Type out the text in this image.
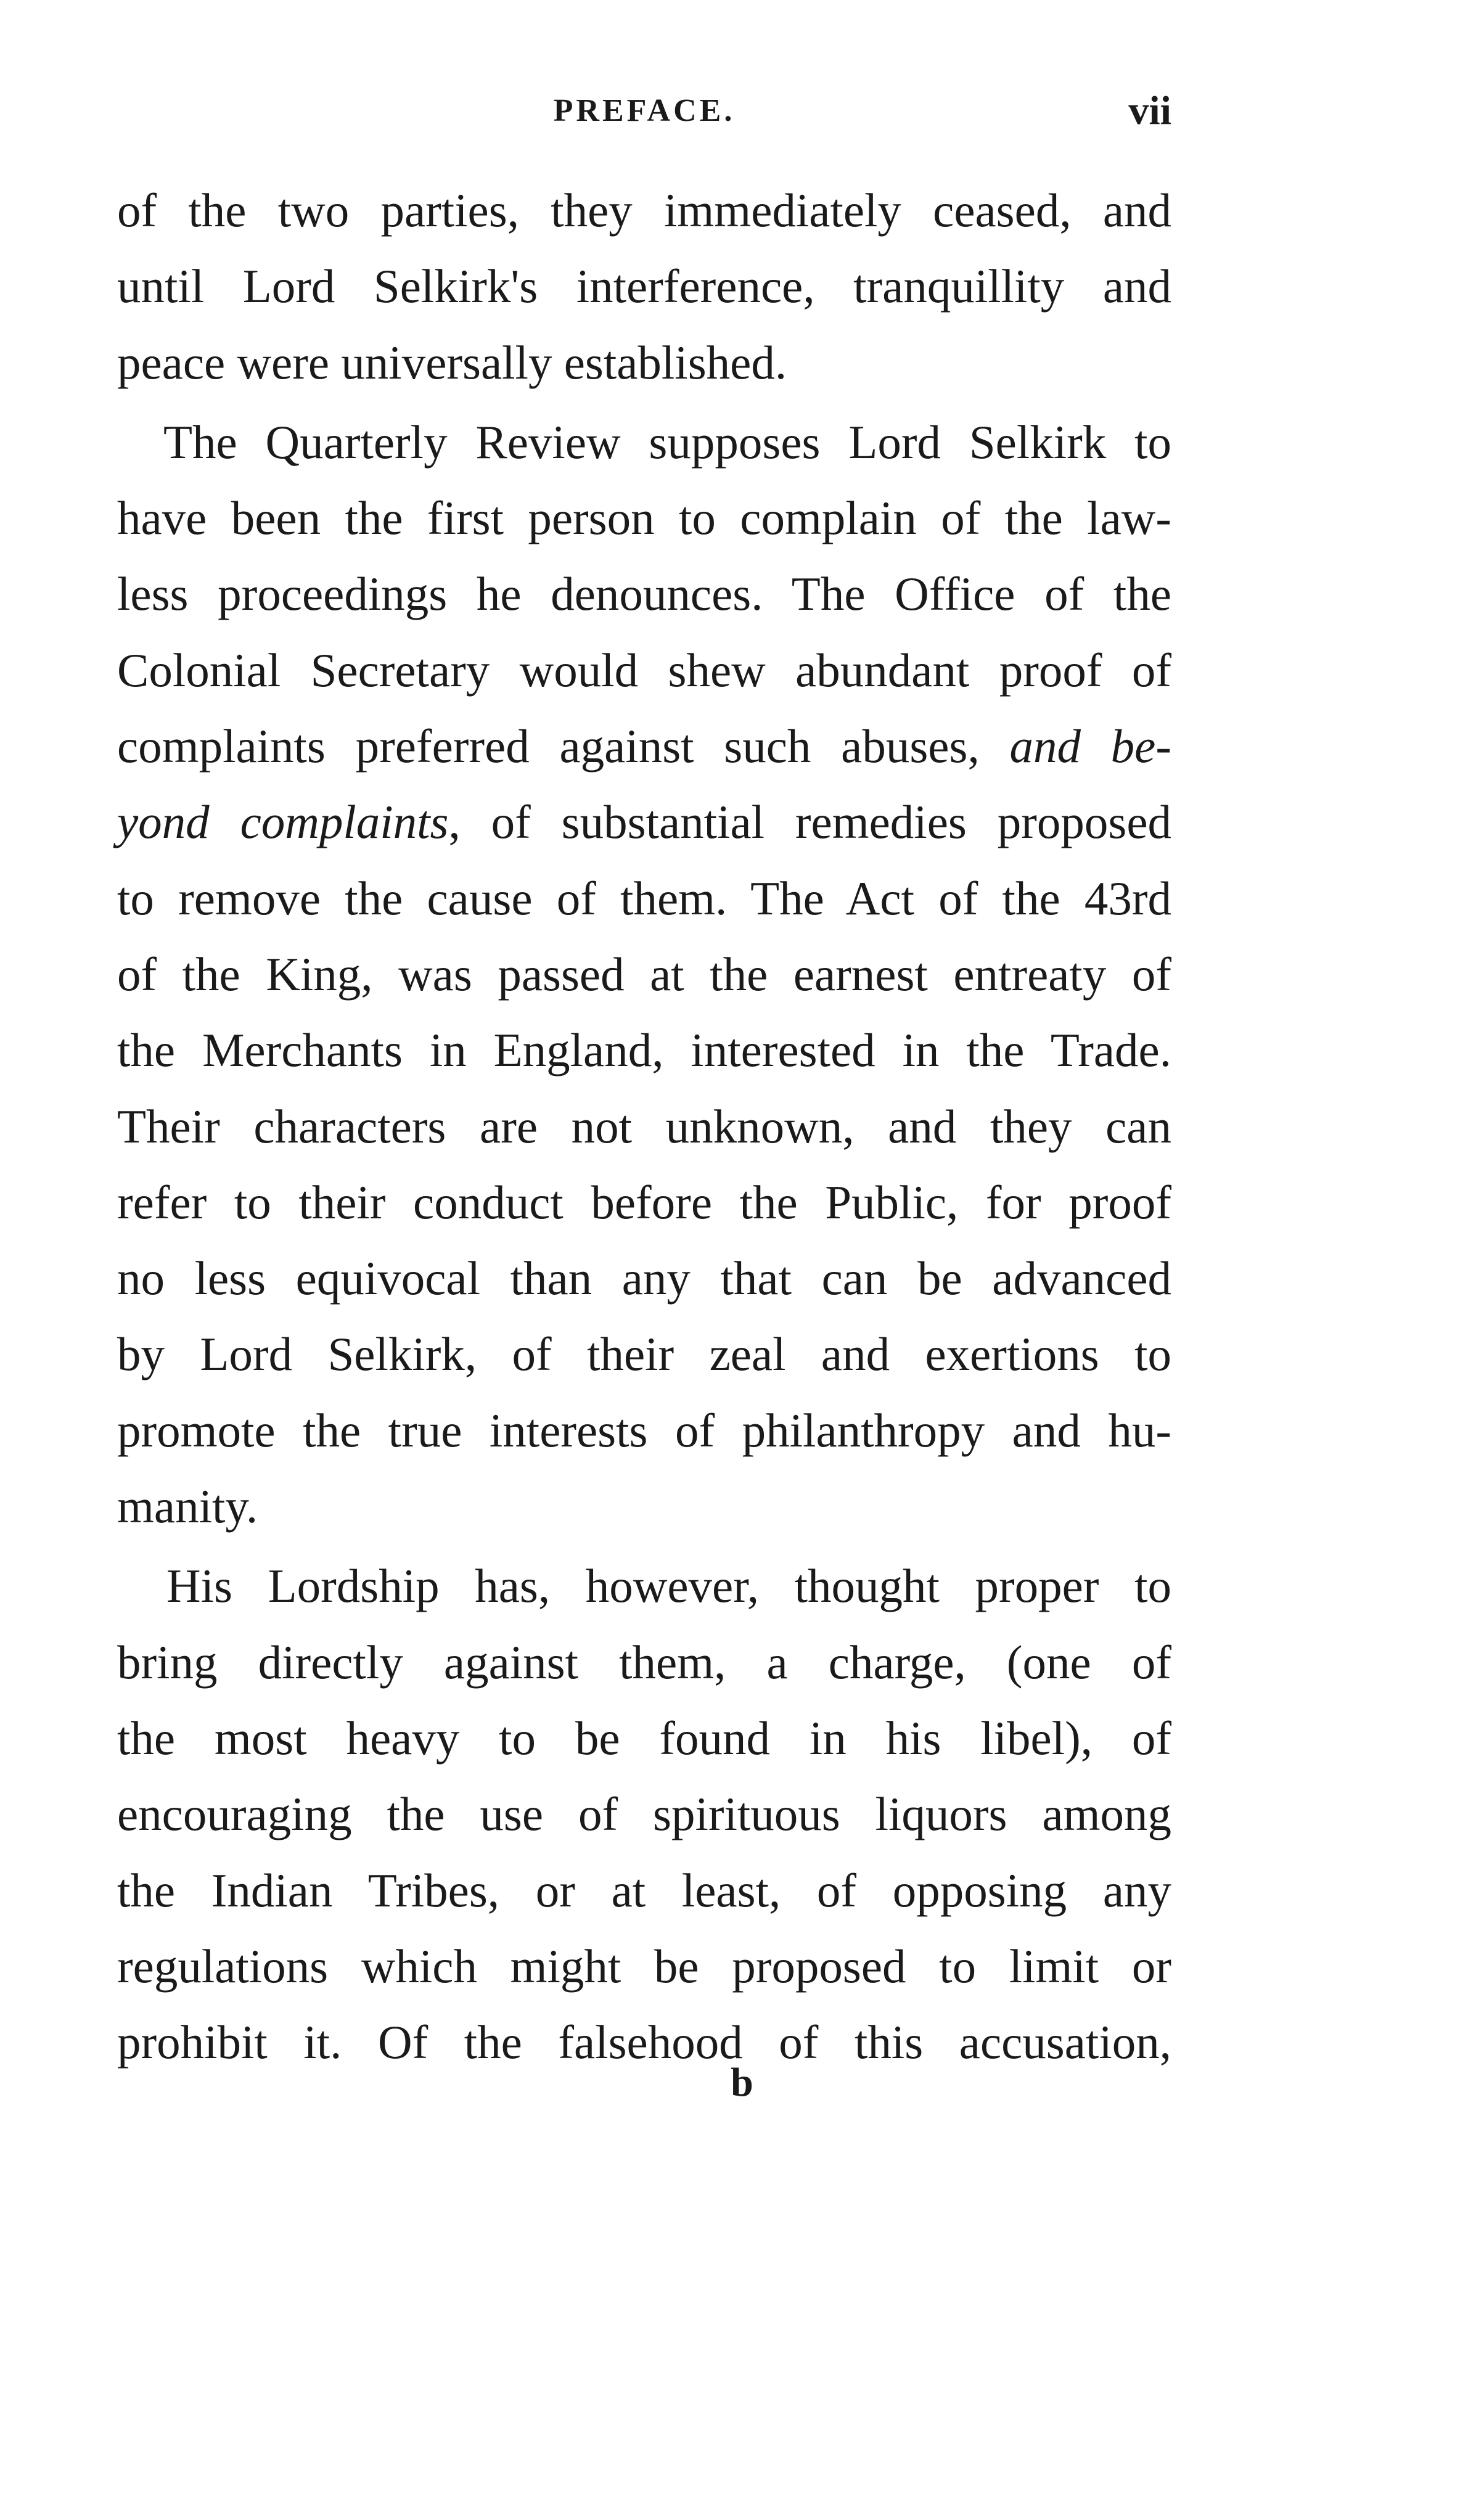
PREFACE.	vii
of the two parties, they immediately ceased, and
until Lord Selkirk's interference, tranquillity and
peace were universally established.
The Quarterly Review supposes Lord Selkirk to
have been the first person to complain of the law-
less proceedings he denounces. The Office of the
Colonial Secretary would shew abundant proof of
complaints preferred against such abuses, and be-
yond complaints, of substantial remedies proposed
to remove the cause of them. The Act of the 43rd
of the King, was passed at the earnest entreaty of
the Merchants in England, interested in the Trade.
Their characters are not unknown, and they can
refer to their conduct before the Public, for proof
no less equivocal than any that can be advanced
by Lord Selkirk, of their zeal and exertions to
promote the true interests of philanthropy and hu-
manity.
His Lordship has, however, thought proper to
bring directly against them, a charge, (one of
the most heavy to be found in his libel), of
encouraging the use of spirituous liquors among
the Indian Tribes, or at least, of opposing any
regulations which might be proposed to limit or
prohibit it. Of the falsehood of this accusation,
b
